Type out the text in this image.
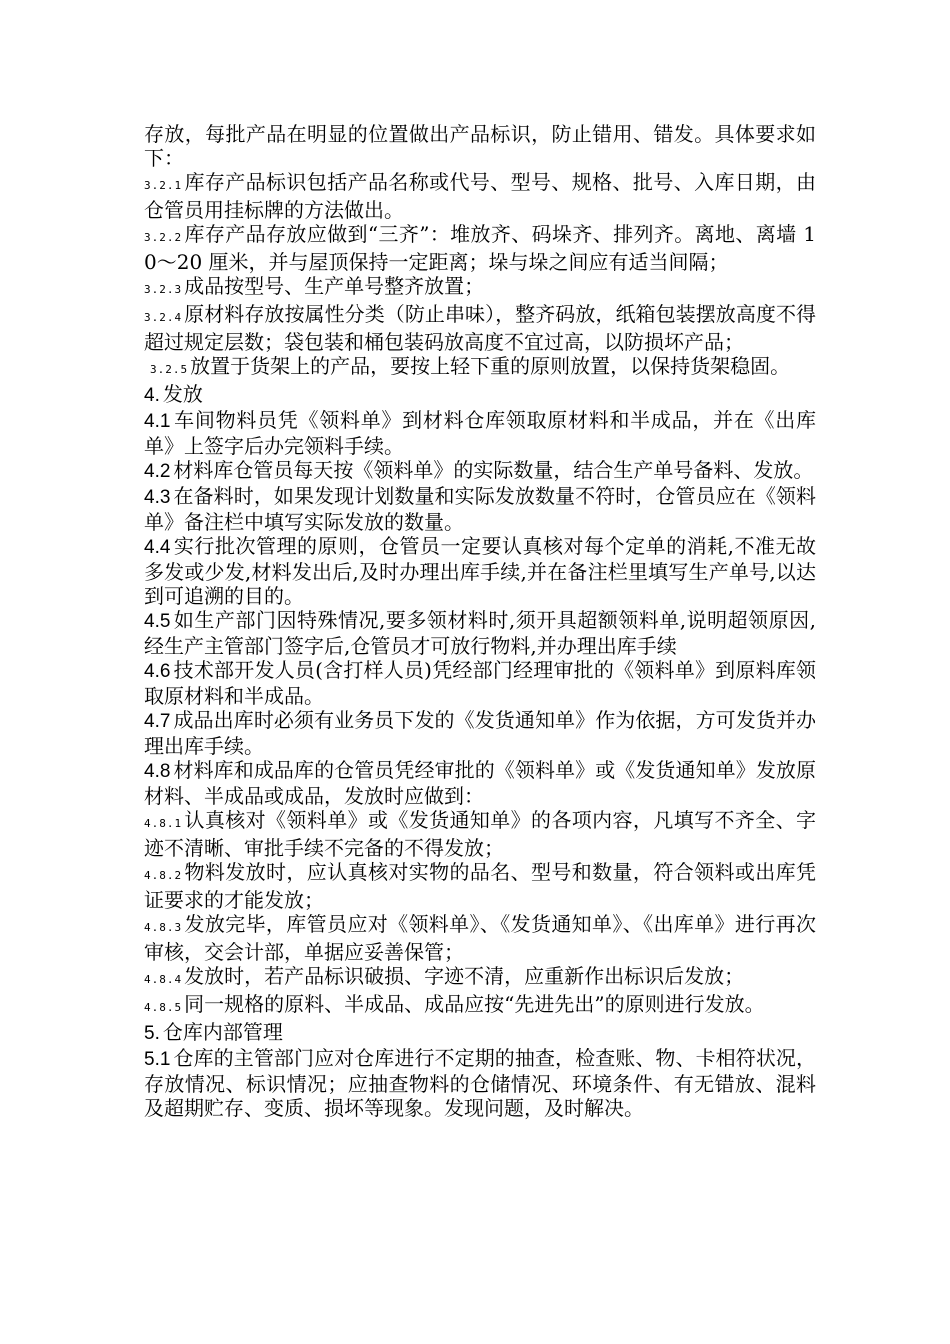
存放，每批产品在明显的位置做出产品标识，防止错用、错发。具体要求如下：

3.2.1 库存产品标识包括产品名称或代号、型号、规格、批号、入库日期，由仓管员用挂标牌的方法做出。

3.2.2 库存产品存放应做到“三齐”：堆放齐、码垛齐、排列齐。离地、离墙 10～20 厘米，并与屋顶保持一定距离；垛与垛之间应有适当间隔；

3.2.3 成品按型号、生产单号整齐放置；

3.2.4 原材料存放按属性分类（防止串味），整齐码放，纸箱包装摆放高度不得超过规定层数；袋包装和桶包装码放高度不宜过高，以防损坏产品；

3.2.5 放置于货架上的产品，要按上轻下重的原则放置，以保持货架稳固。

4. 发放

4.1 车间物料员凭《领料单》到材料仓库领取原材料和半成品，并在《出库单》上签字后办完领料手续。

4.2 材料库仓管员每天按《领料单》的实际数量，结合生产单号备料、发放。

4.3 在备料时，如果发现计划数量和实际发放数量不符时，仓管员应在《领料单》备注栏中填写实际发放的数量。

4.4 实行批次管理的原则，仓管员一定要认真核对每个定单的消耗,不准无故多发或少发,材料发出后,及时办理出库手续,并在备注栏里填写生产单号,以达到可追溯的目的。

4.5 如生产部门因特殊情况,要多领材料时,须开具超额领料单,说明超领原因,经生产主管部门签字后,仓管员才可放行物料,并办理出库手续

4.6 技术部开发人员(含打样人员)凭经部门经理审批的《领料单》到原料库领取原材料和半成品。

4.7 成品出库时必须有业务员下发的《发货通知单》作为依据，方可发货并办理出库手续。

4.8 材料库和成品库的仓管员凭经审批的《领料单》或《发货通知单》发放原材料、半成品或成品，发放时应做到：

4.8.1 认真核对《领料单》或《发货通知单》的各项内容，凡填写不齐全、字迹不清晰、审批手续不完备的不得发放；

4.8.2 物料发放时，应认真核对实物的品名、型号和数量，符合领料或出库凭证要求的才能发放；

4.8.3 发放完毕，库管员应对《领料单》、《发货通知单》、《出库单》进行再次审核，交会计部，单据应妥善保管；

4.8.4 发放时，若产品标识破损、字迹不清，应重新作出标识后发放；

4.8.5 同一规格的原料、半成品、成品应按“先进先出”的原则进行发放。

5. 仓库内部管理

5.1 仓库的主管部门应对仓库进行不定期的抽查，检查账、物、卡相符状况，存放情况、标识情况；应抽查物料的仓储情况、环境条件、有无错放、混料及超期贮存、变质、损坏等现象。发现问题，及时解决。
